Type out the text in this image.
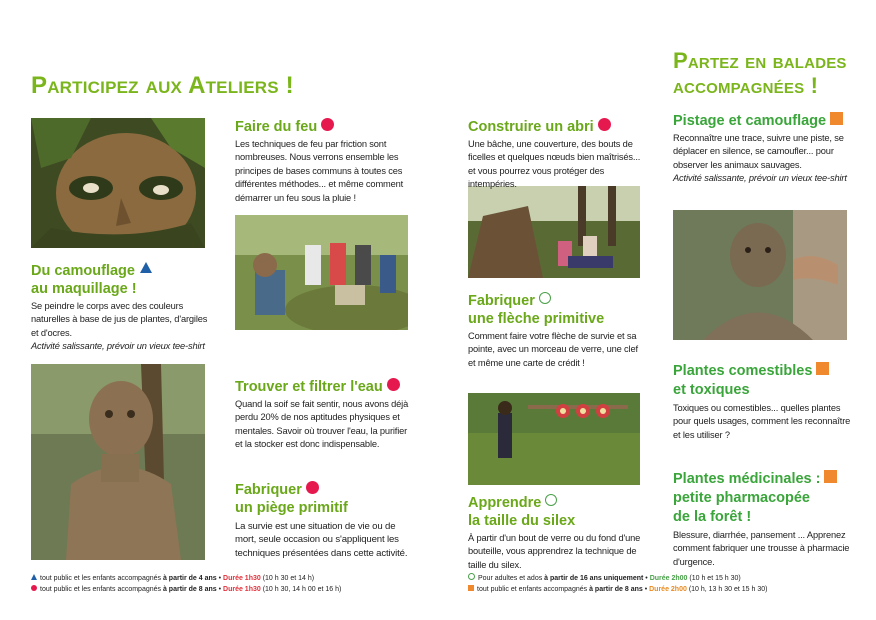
Participez aux Ateliers !
Partez en balades
accompagnées !
Du camouflage
au maquillage !
Se peindre le corps avec des couleurs naturelles à base de jus de plantes, d'argiles et d'ocres.
Activité salissante, prévoir un vieux tee-shirt
Faire du feu
Les techniques de feu par friction sont nombreuses. Nous verrons ensemble les principes de bases communs à toutes ces différentes méthodes... et même comment démarrer un feu sous la pluie !
Trouver et filtrer l'eau
Quand la soif se fait sentir, nous avons déjà perdu 20% de nos aptitudes physiques et mentales. Savoir où trouver l'eau, la purifier et la stocker est donc indispensable.
Fabriquer
un piège primitif
La survie est une situation de vie ou de mort, seule occasion ou s'appliquent les techniques présentées dans cette activité.
Construire un abri
Une bâche, une couverture, des bouts de ficelles et quelques nœuds bien maîtrisés... et vous pourrez vous protéger des intempéries.
Fabriquer
une flèche primitive
Comment faire votre flèche de survie et sa pointe, avec un morceau de verre, une clef et même une carte de crédit !
Apprendre
la taille du silex
À partir d'un bout de verre ou du fond d'une bouteille, vous apprendrez la technique de taille du silex.
Pistage et camouflage
Reconnaître une trace, suivre une piste, se déplacer en silence, se camoufler... pour observer les animaux sauvages.
Activité salissante, prévoir un vieux tee-shirt
Plantes comestibles
et toxiques
Toxiques ou comestibles... quelles plantes pour quels usages, comment les reconnaître et les utiliser ?
Plantes médicinales :
petite pharmacopée
de la forêt !
Blessure, diarrhée, pansement ... Apprenez comment fabriquer une trousse à pharmacie d'urgence.
tout public et les enfants accompagnés à partir de 4 ans • Durée 1h30 (10 h 30 et 14 h)
tout public et les enfants accompagnés à partir de 8 ans • Durée 1h30 (10 h 30, 14 h 00 et 16 h)
Pour adultes et ados à partir de 16 ans uniquement • Durée 2h00 (10 h et 15 h 30)
tout public et enfants accompagnés à partir de 8 ans • Durée 2h00 (10 h, 13 h 30 et 15 h 30)
